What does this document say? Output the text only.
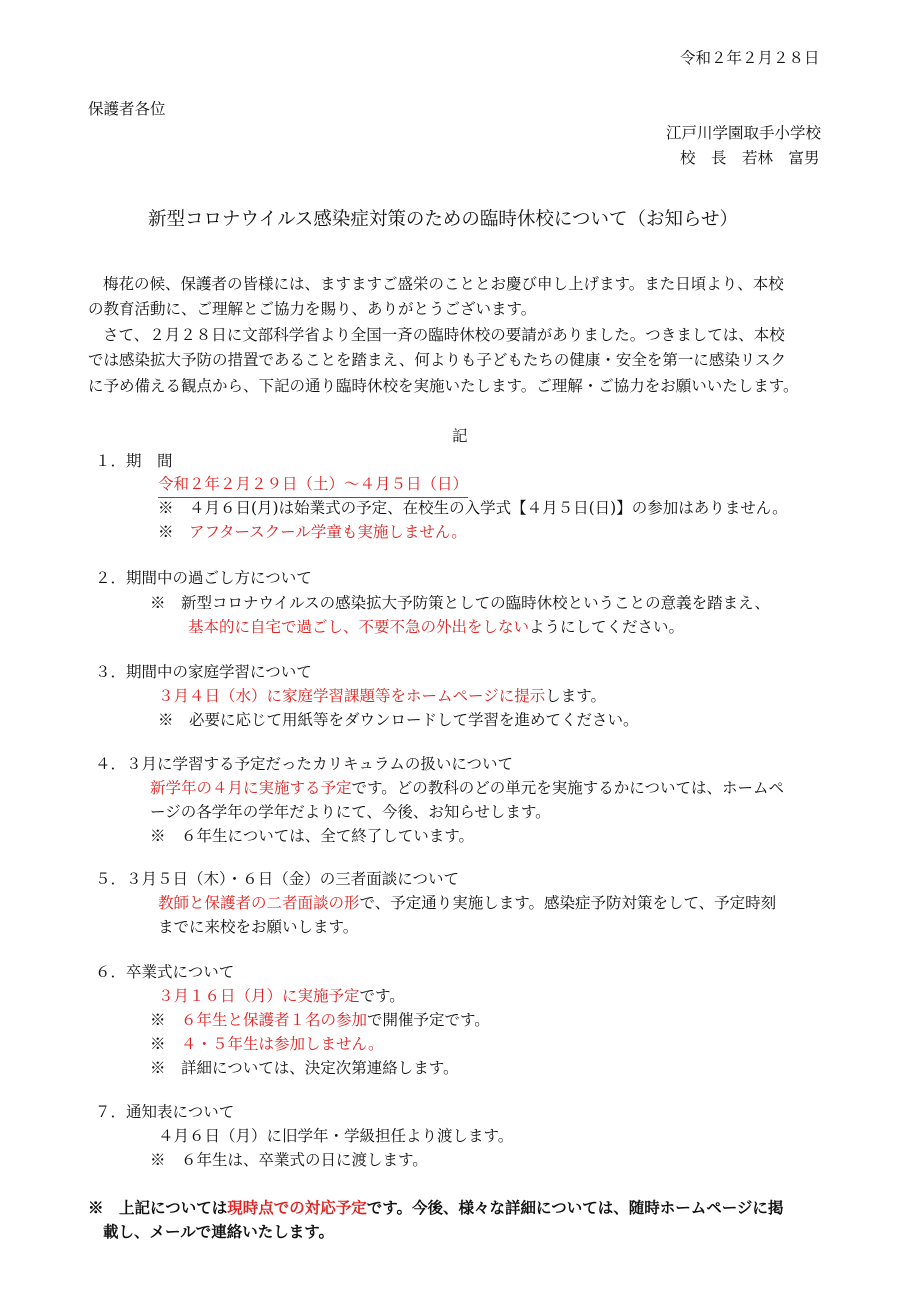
令和２年２月２８日
保護者各位
江戸川学園取手小学校
校　長　若林　富男
新型コロナウイルス感染症対策のための臨時休校について（お知らせ）
梅花の候、保護者の皆様には、ますますご盛栄のこととお慶び申し上げます。また日頃より、本校
の教育活動に、ご理解とご協力を賜り、ありがとうございます。
さて、２月２８日に文部科学省より全国一斉の臨時休校の要請がありました。つきましては、本校
では感染拡大予防の措置であることを踏まえ、何よりも子どもたちの健康・安全を第一に感染リスク
に予め備える観点から、下記の通り臨時休校を実施いたします。ご理解・ご協力をお願いいたします。
記
１．期　間
令和２年２月２９日（土）～４月５日（日）
※　４月６日(月)は始業式の予定、在校生の入学式【４月５日(日)】の参加はありません。
※　 アフタースクール学童も実施しません。
２．期間中の過ごし方について
※　新型コロナウイルスの感染拡大予防策としての臨時休校ということの意義を踏まえ、
基本的に自宅で過ごし、不要不急の外出をしないようにしてください。
３．期間中の家庭学習について
３月４日（水）に家庭学習課題等をホームページに提示します。
※　必要に応じて用紙等をダウンロードして学習を進めてください。
４．３月に学習する予定だったカリキュラムの扱いについて
新学年の４月に実施する予定です。どの教科のどの単元を実施するかについては、ホームペ
ージの各学年の学年だよりにて、今後、お知らせします。
※　６年生については、全て終了しています。
５．３月５日（木）・６日（金）の三者面談について
教師と保護者の二者面談の形で、予定通り実施します。感染症予防対策をして、予定時刻
までに来校をお願いします。
６．卒業式について
３月１６日（月）に実施予定です。
※　 ６年生と保護者１名の参加で開催予定です。
※　 ４・５年生は参加しません。
※　詳細については、決定次第連絡します。
７．通知表について
４月６日（月）に旧学年・学級担任より渡します。
※　６年生は、卒業式の日に渡します。
※　 上記については現時点での対応予定です。今後、様々な詳細については、随時ホームページに掲
載し、メールで連絡いたします。
